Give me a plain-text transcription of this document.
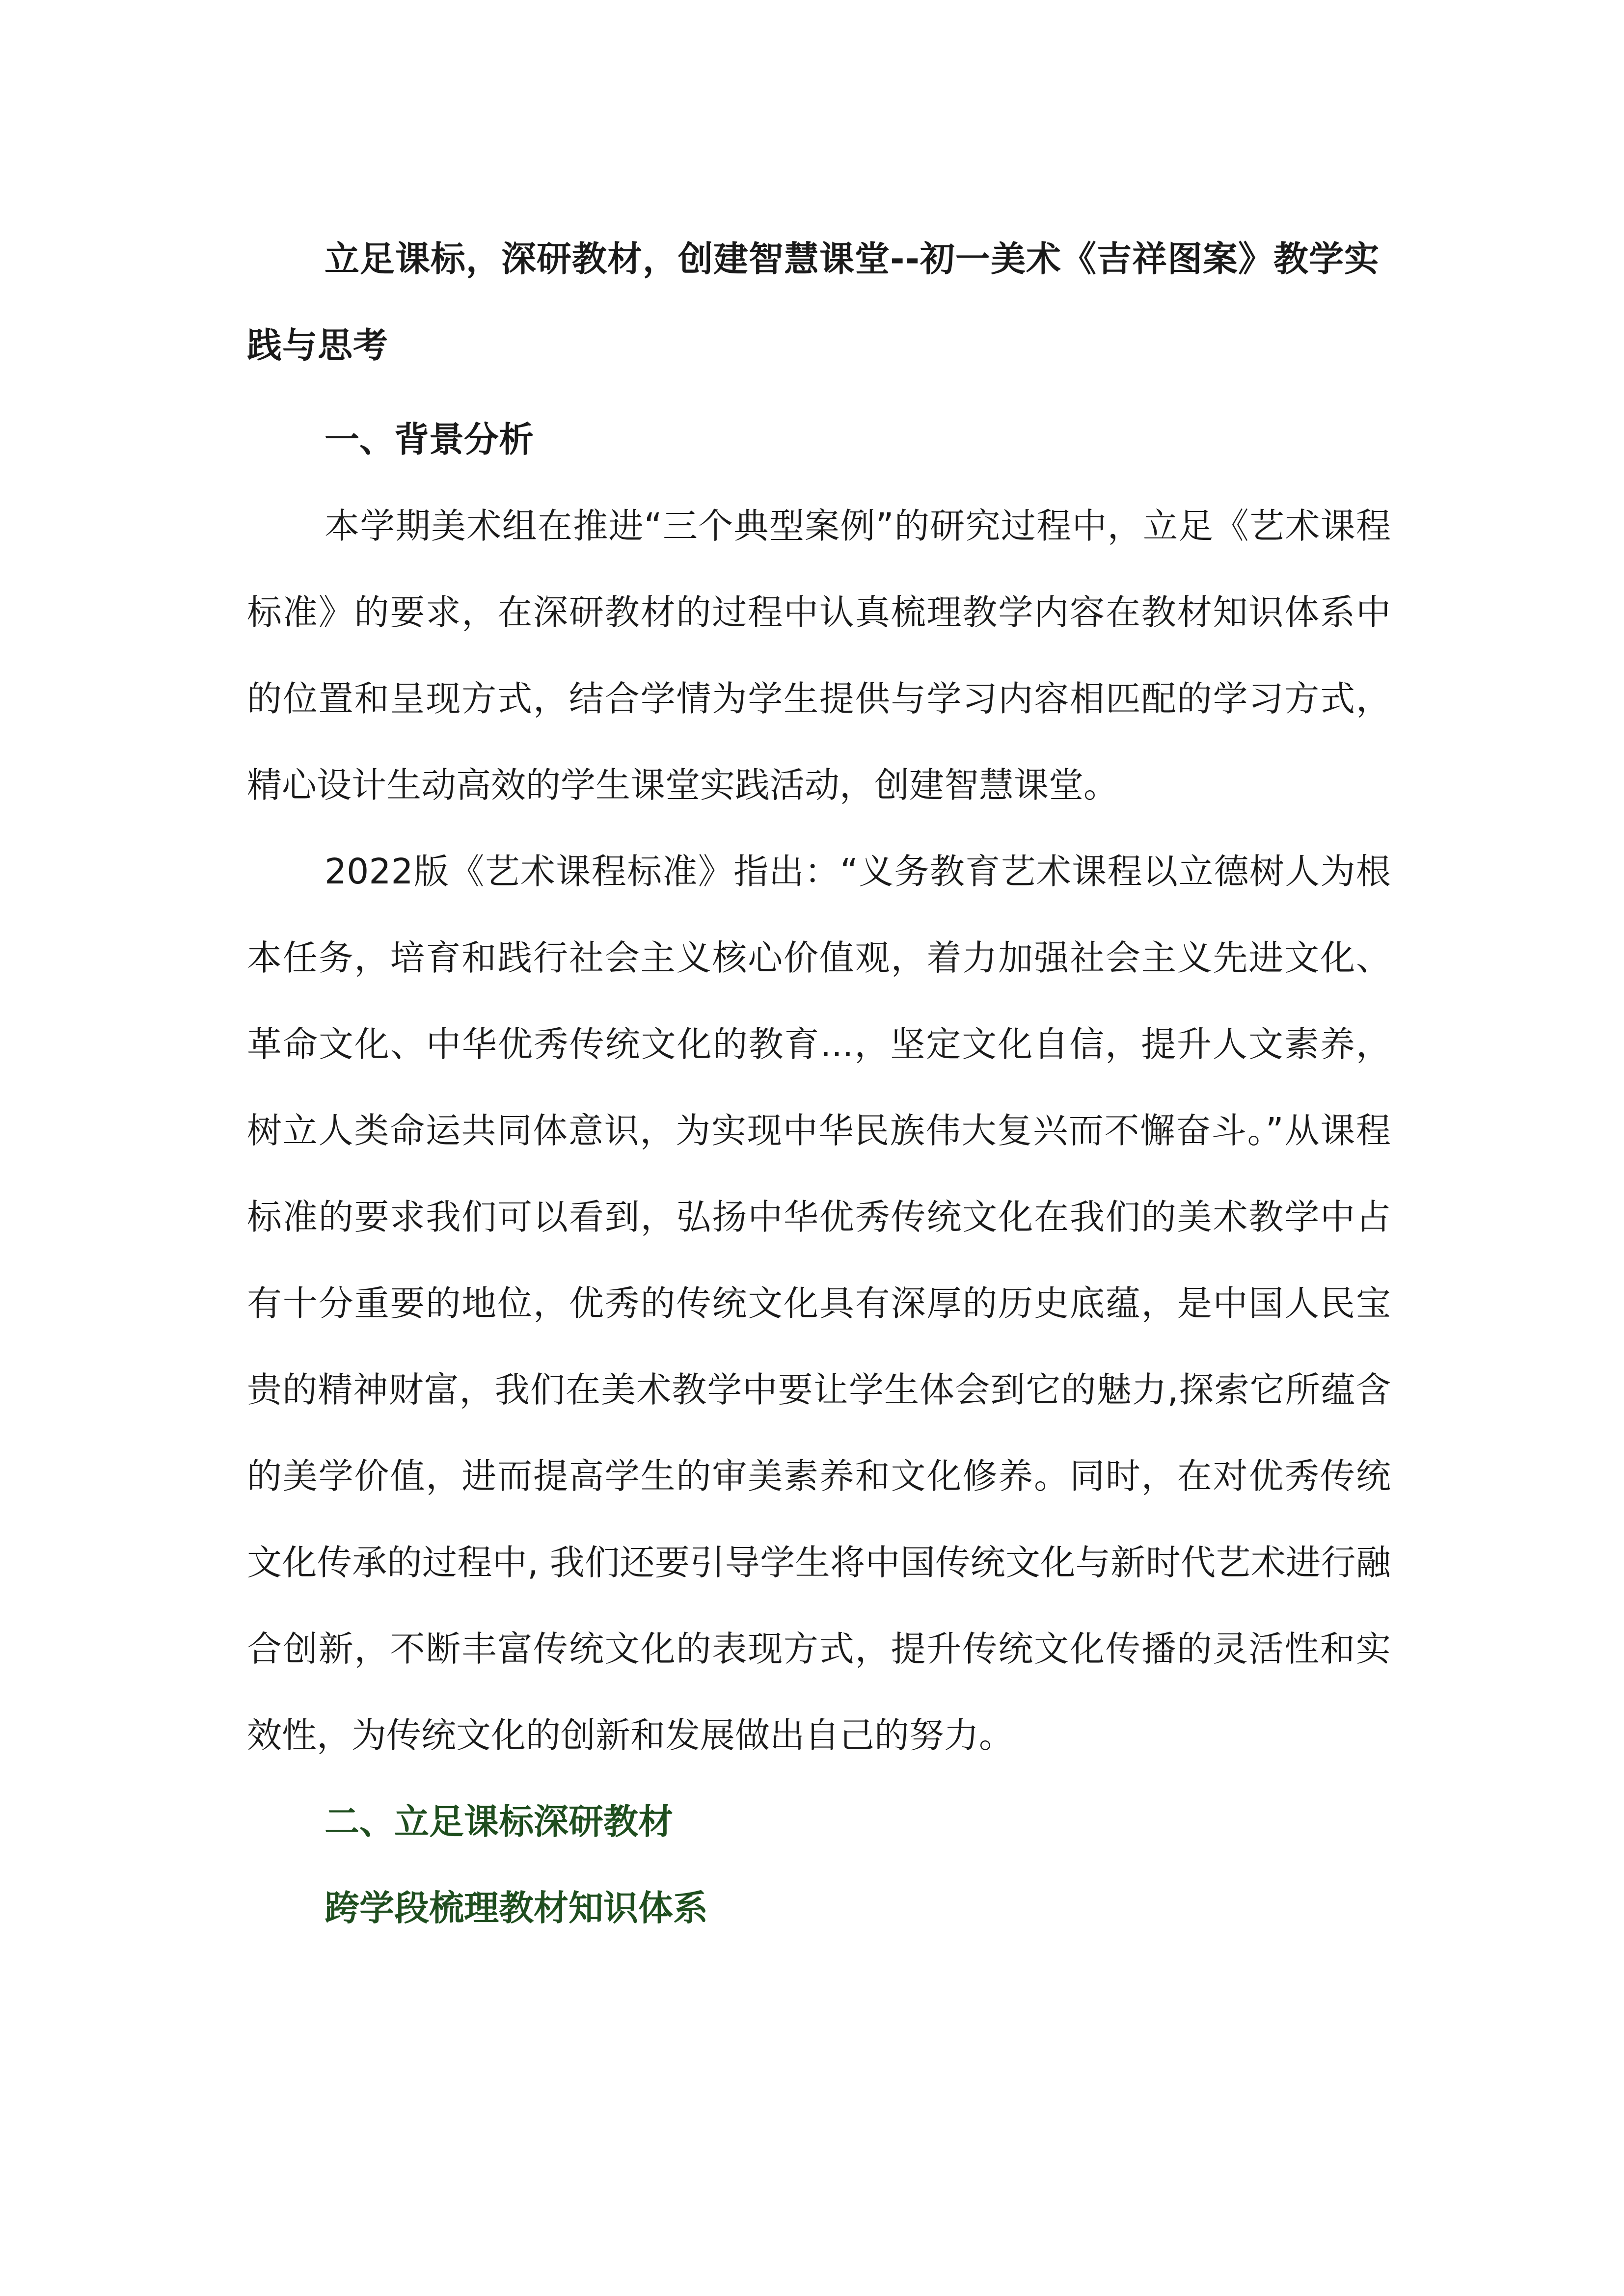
立足课标，深研教材，创建智慧课堂--初一美术《吉祥图案》教学实践与思考

一、背景分析

本学期美术组在推进“三个典型案例”的研究过程中，立足《艺术课程标准》的要求，在深研教材的过程中认真梳理教学内容在教材知识体系中的位置和呈现方式，结合学情为学生提供与学习内容相匹配的学习方式，精心设计生动高效的学生课堂实践活动，创建智慧课堂。

2022版《艺术课程标准》指出：“义务教育艺术课程以立德树人为根本任务，培育和践行社会主义核心价值观，着力加强社会主义先进文化、革命文化、中华优秀传统文化的教育...，坚定文化自信，提升人文素养，树立人类命运共同体意识，为实现中华民族伟大复兴而不懈奋斗。”从课程标准的要求我们可以看到，弘扬中华优秀传统文化在我们的美术教学中占有十分重要的地位，优秀的传统文化具有深厚的历史底蕴，是中国人民宝贵的精神财富，我们在美术教学中要让学生体会到它的魅力,探索它所蕴含的美学价值，进而提高学生的审美素养和文化修养。同时，在对优秀传统文化传承的过程中, 我们还要引导学生将中国传统文化与新时代艺术进行融合创新，不断丰富传统文化的表现方式，提升传统文化传播的灵活性和实效性，为传统文化的创新和发展做出自己的努力。

二、立足课标深研教材

跨学段梳理教材知识体系
